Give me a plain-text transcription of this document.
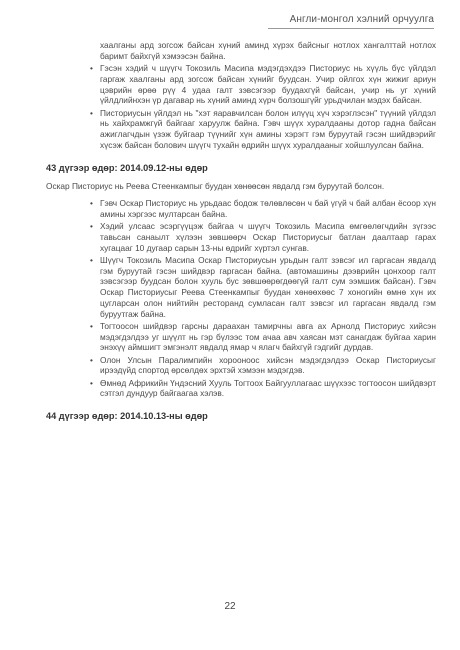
Англи-монгол хэлний орчуулга
хаалганы ард зогсож байсан хүний аминд хүрэх байсныг нотлох хангалттай нотлох баримт байхгүй хэмээсэн байна.
• Гэсэн хэдий ч шүүгч Токозиль Масипа мэдэгдэхдээ Писториус нь хүүль бүс үйлдэл гаргаж хаалганы ард зогсож байсан хүнийг буудсан. Учир ойлгох хүн жижиг ариун цэврийн өрөө рүү 4 удаа галт зэвсэгээр буудахгүй байсан, учир нь уг хүний үйлдлийнхэн үр дагавар нь хүний аминд хүрч болзошгүйг урьдчилан мэдэх байсан.
• Писториусын үйлдэл нь "хэт яаравчилсан болон илүүц хүч хэрэглэсэн" түүний үйлдэл нь хайхрамжгүй байгааг харуулж байна. Гэвч шүүх хуралдааны дотор гадна байсан ажиглагчдын үзэж буйгаар түүнийг хүн амины хэрэгт гэм буруутай гэсэн шийдвэрийг хүсэж байсан болович шүүгч тухайн өдрийн шүүх хуралдааныг хойшлуулсан байна.
43 дүгээр өдөр: 2014.09.12-ны өдөр

Оскар Писториус нь Реева Стеенкампыг буудан хөнөөсөн явдалд гэм буруутай болсон.

• Гэвч Оскар Писториус нь урьдаас бодож төлөвлөсөн ч бай үгүй ч бай албан ёсоор хүн амины хэргээс мултарсан байна.
• Хэдий улсаас эсэргүүцэж байгаа ч шүүгч Токозиль Масипа өмгөөлөгчдийн зүгээс тавьсан санаылт хүлээн зөвшөөрч Оскар Писториусыг батлан даалтаар гарах хугацааг 10 дугаар сарын 13-ны өдрийг хүртэл сунгав.
• Шүүгч Токозиль Масипа Оскар Писториусын урьдын галт зэвсэг ил гаргасан явдалд гэм буруутай гэсэн шийдвэр гаргасан байна. (автомашины дээврийн цонхоор галт зэвсэгээр буудсан болон хууль бус зөвшөөрөгдөөгүй галт сум ээмшиж байсан). Гэвч Оскар Писториусыг Реева Стеенкампыг буудан хөнөөхөөс 7 хоногийн өмнө хүн их цугларсан олон нийтийн ресторанд сумласан галт зэвсэг ил гаргасан явдалд гэм буруутгаж байна.
• Тогтоосон шийдвэр гарсны дараахан тамирчны авга ах Арнолд Писториус хийсэн мэдэгдэлдээ уг шүүлт нь гэр бүлээс том ачаа авч хаясан мэт санагдаж буйгаа харин энэхүү аймшигт эмгэнэлт явдалд ямар ч ялагч байхгүй гэдгийг дурдав.
• Олон Улсын Паралимпийн хорооноос хийсэн мэдэгдэлдээ Оскар Писториусыг ирээдүйд спортод өрсөлдөх эрхтэй хэмээн мэдэгдэв.
• Өмнөд Африкийн Үндэсний Хууль Тогтоох Байгууллагаас шүүхээс тогтоосон шийдвэрт сэтгэл дундуур байгаагаа хэлэв.
44 дүгээр өдөр: 2014.10.13-ны өдөр
22
